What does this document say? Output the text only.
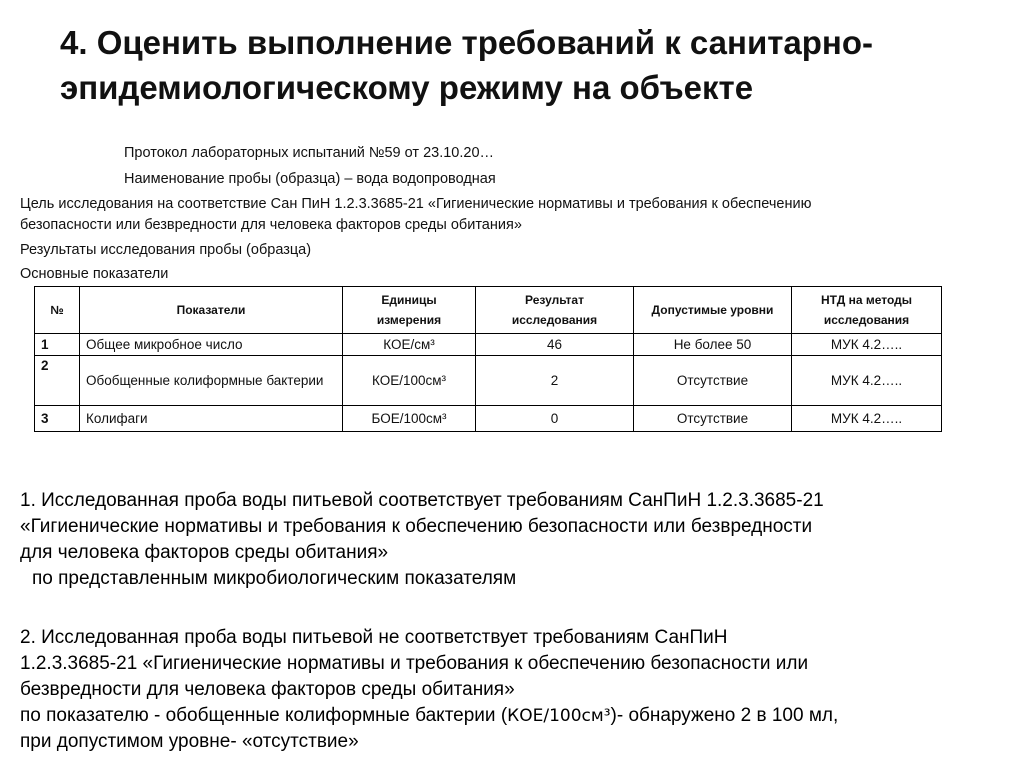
4. Оценить выполнение требований к санитарно-эпидемиологическому режиму на объекте
Протокол лабораторных испытаний №59 от 23.10.20…
Наименование пробы (образца) – вода водопроводная
Цель исследования на соответствие Сан ПиН 1.2.3.3685-21 «Гигиенические нормативы и требования к обеспечению
безопасности или безвредности для человека факторов среды обитания»
Результаты исследования пробы (образца)
Основные показатели
№	Показатели	Единицы измерения	Результат исследования	Допустимые уровни	НТД на методы исследования
1	Общее микробное число	КОЕ/см³	46	Не более 50	МУК 4.2…..
2	Обобщенные колиформные бактерии	КОЕ/100см³	2	Отсутствие	МУК 4.2…..
3	Колифаги	БОЕ/100см³	0	Отсутствие	МУК 4.2…..
1. Исследованная проба воды питьевой соответствует требованиям СанПиН 1.2.3.3685-21
«Гигиенические нормативы и требования к обеспечению безопасности или безвредности
для человека факторов среды обитания»
по представленным микробиологическим показателям
2. Исследованная проба воды питьевой не соответствует требованиям СанПиН
1.2.3.3685-21 «Гигиенические нормативы и требования к обеспечению безопасности или
безвредности для человека факторов среды обитания»
по показателю - обобщенные колиформные бактерии (КОЕ/100см³)- обнаружено 2 в 100 мл,
при допустимом уровне- «отсутствие»
